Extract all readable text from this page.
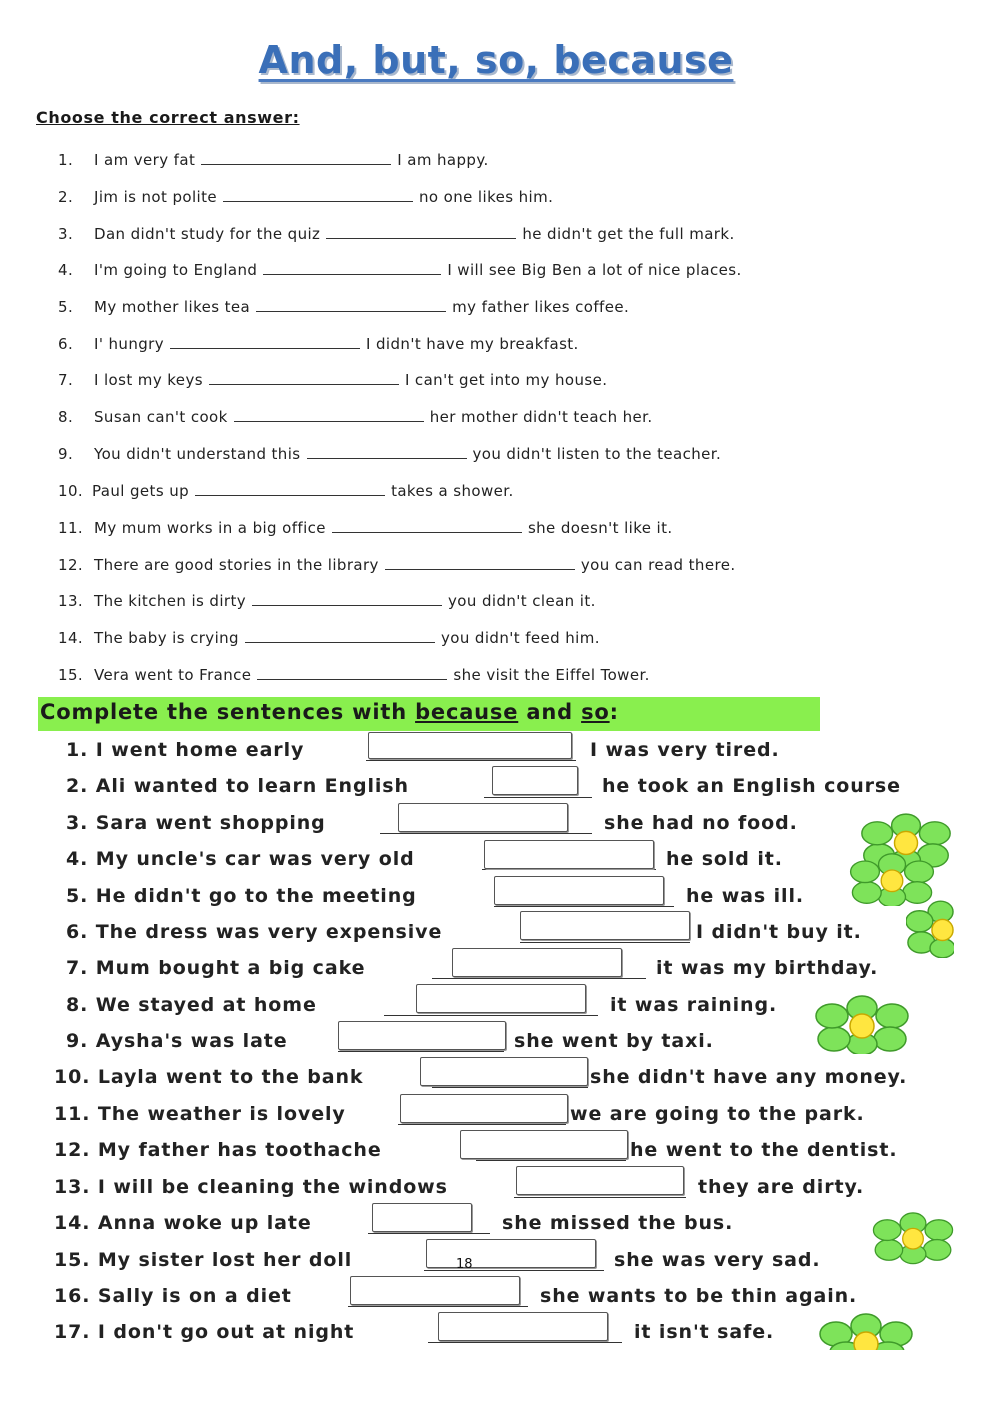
And, but, so, because
Choose the correct answer:
1. I am very fat	I am happy.
2. Jim is not polite	no one likes him.
3. Dan didn't study for the quiz	he didn't get the full mark.
4. I'm going to England	I will see Big Ben a lot of nice places.
5. My mother likes tea	my father likes coffee.
6. I' hungry	I didn't have my breakfast.
7. I lost my keys	I can't get into my house.
8. Susan can't cook	her mother didn't teach her.
9. You didn't understand this	you didn't listen to the teacher.
10. Paul gets up	takes a shower.
11. My mum works in a big office	she doesn't like it.
12. There are good stories in the library	you can read there.
13. The kitchen is dirty	you didn't clean it.
14. The baby is crying	you didn't feed him.
15. Vera went to France	she visit the Eiffel Tower.
Complete the sentences with because and so:
1. I went home early	I was very tired.
2. Ali wanted to learn English	he took an English course
3. Sara went shopping	she had no food.
4. My uncle's car was very old	he sold it.
5. He didn't go to the meeting	he was ill.
6. The dress was very expensive	I didn't buy it.
7. Mum bought a big cake	it was my birthday.
8. We stayed at home	it was raining.
9. Aysha's was late	she went by taxi.
10. Layla went to the bank	she didn't have any money.
11. The weather is lovely	we are going to the park.
12. My father has toothache	he went to the dentist.
13. I will be cleaning the windows	they are dirty.
14. Anna woke up late	she missed the bus.
15. My sister lost her doll	she was very sad.
16. Sally is on a diet	she wants to be thin again.
17. I don't go out at night	it isn't safe.
18
